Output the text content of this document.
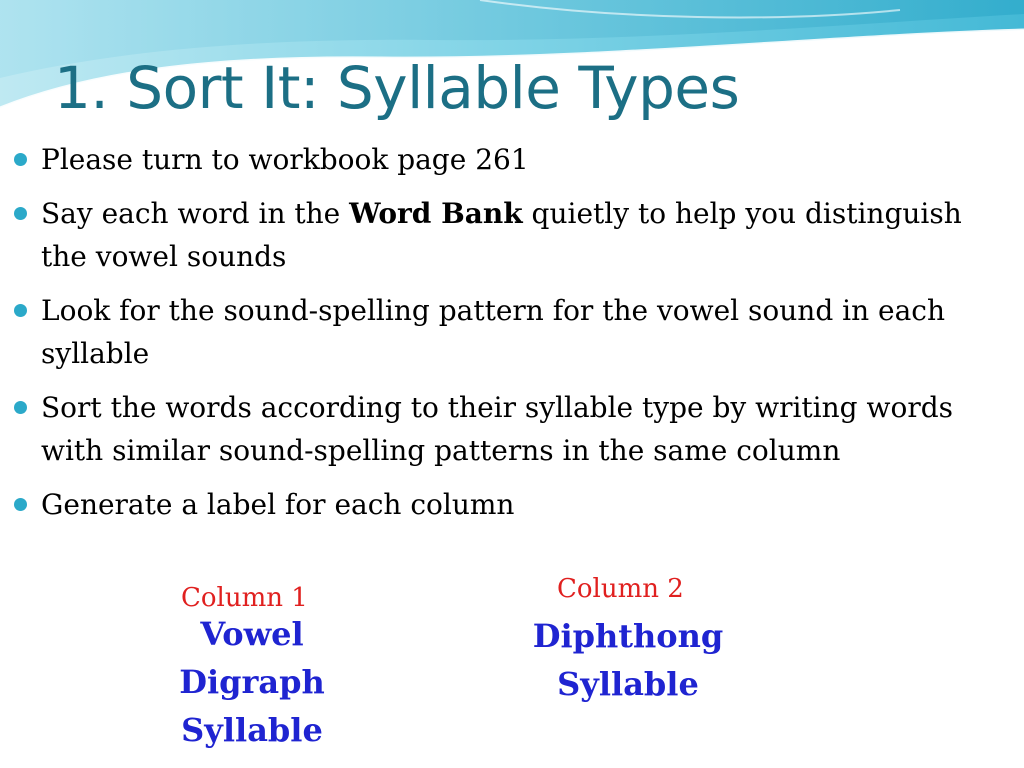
1. Sort It: Syllable Types
Please turn to workbook page 261
Say each word in the Word Bank quietly to help you distinguish the vowel sounds
Look for the sound-spelling pattern for the vowel sound in each syllable
Sort the words according to their syllable type by writing words with similar sound-spelling patterns in the same column
Generate a label for each column
Column 1
Vowel
Digraph
Syllable
Column 2
Diphthong
Syllable
